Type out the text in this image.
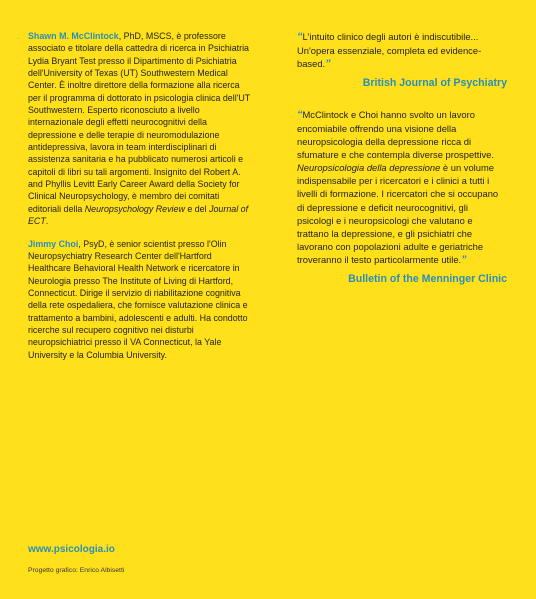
Shawn M. McClintock, PhD, MSCS, è professore associato e titolare della cattedra di ricerca in Psichiatria Lydia Bryant Test presso il Dipartimento di Psichiatria dell'University of Texas (UT) Southwestern Medical Center. È inoltre direttore della formazione alla ricerca per il programma di dottorato in psicologia clinica dell'UT Southwestern. Esperto riconosciuto a livello internazionale degli effetti neurocognitivi della depressione e delle terapie di neuromodulazione antidepressiva, lavora in team interdisciplinari di assistenza sanitaria e ha pubblicato numerosi articoli e capitoli di libri su tali argomenti. Insignito del Robert A. and Phyllis Levitt Early Career Award della Society for Clinical Neuropsychology, è membro dei comitati editoriali della Neuropsychology Review e del Journal of ECT.

Jimmy Choi, PsyD, è senior scientist presso l'Olin Neuropsychiatry Research Center dell'Hartford Healthcare Behavioral Health Network e ricercatore in Neurologia presso The Institute of Living di Hartford, Connecticut. Dirige il servizio di riabilitazione cognitiva della rete ospedaliera, che fornisce valutazione clinica e trattamento a bambini, adolescenti e adulti. Ha condotto ricerche sul recupero cognitivo nei disturbi neuropsichiatrici presso il VA Connecticut, la Yale University e la Columbia University.

“L'intuito clinico degli autori è indiscutibile... Un'opera essenziale, completa ed evidence-based.”

British Journal of Psychiatry

“McClintock e Choi hanno svolto un lavoro encomiabile offrendo una visione della neuropsicologia della depressione ricca di sfumature e che contempla diverse prospettive. Neuropsicologia della depressione è un volume indispensabile per i ricercatori e i clinici a tutti i livelli di formazione. I ricercatori che si occupano di depressione e deficit neurocognitivi, gli psicologi e i neuropsicologi che valutano e trattano la depressione, e gli psichiatri che lavorano con popolazioni adulte e geriatriche troveranno il testo particolarmente utile.”

Bulletin of the Menninger Clinic
www.psicologia.io
Progetto grafico: Enrico Albisetti
